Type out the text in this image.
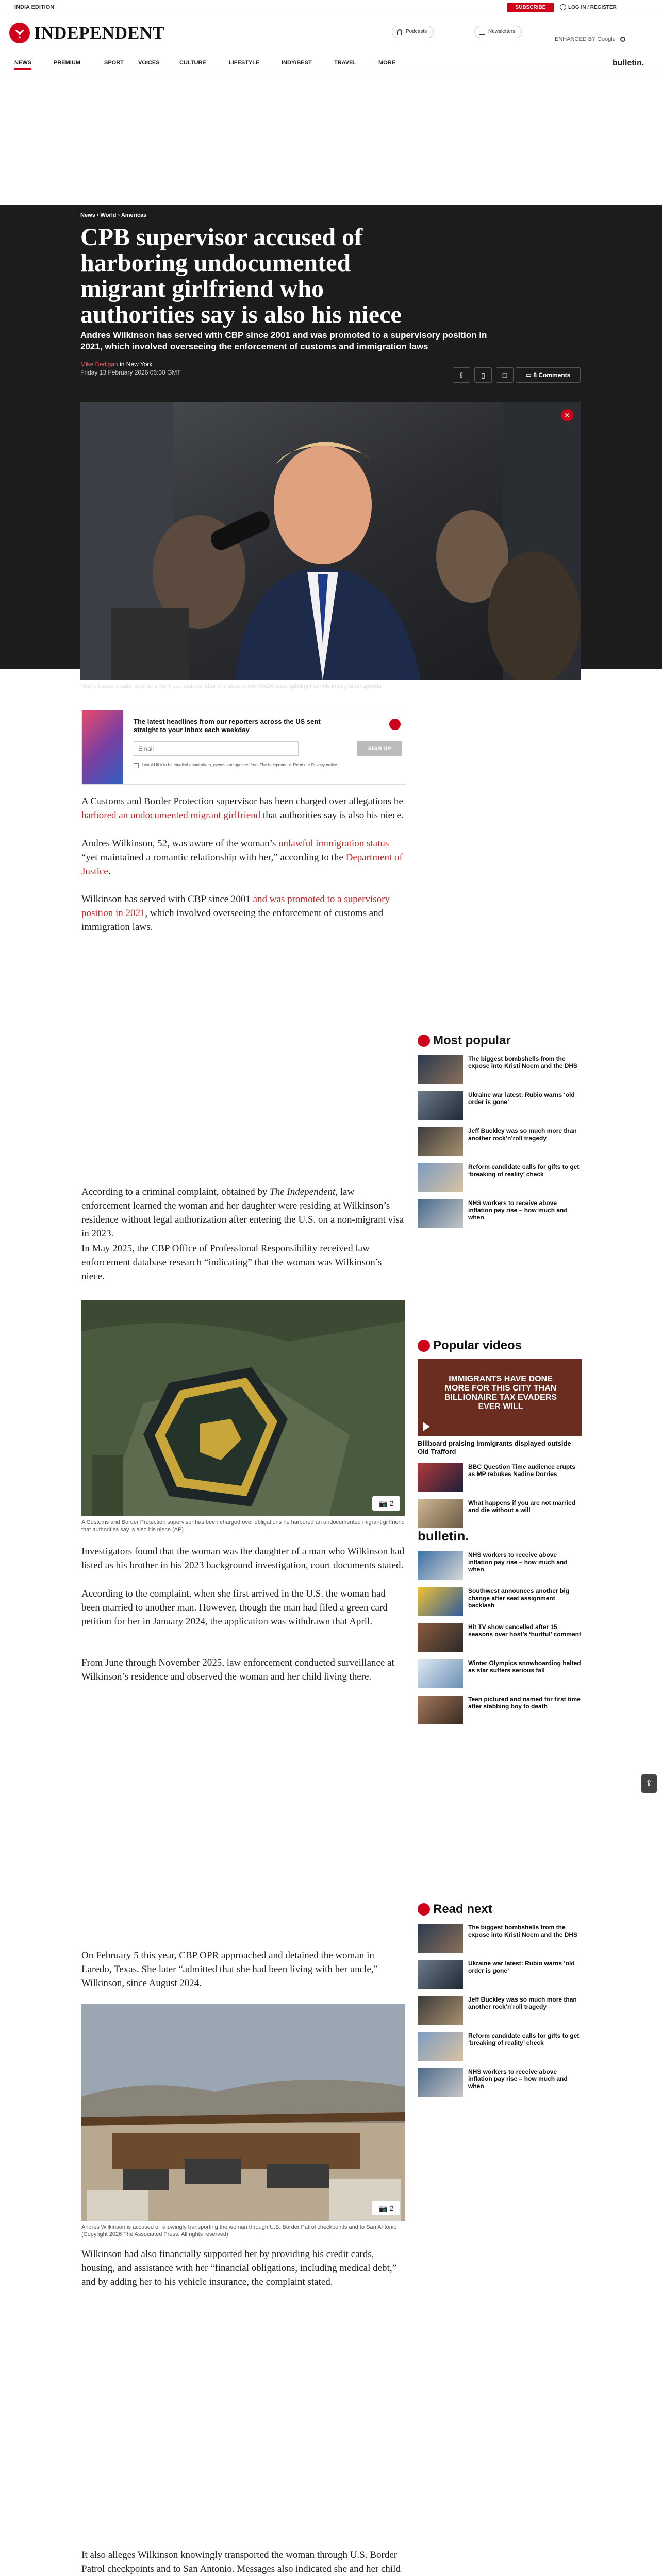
INDIA EDITION	SUBSCRIBE	LOG IN / REGISTER
INDEPENDENT	Podcasts	Newsletters
ENHANCED BY Google
NEWS	PREMIUM	SPORT	VOICES	CULTURE	LIFESTYLE	INDY/BEST	TRAVEL	MORE	bulletin.
News › World › Americas
CPB supervisor accused of harboring undocumented migrant girlfriend who authorities say is also his niece

Andres Wilkinson has served with CBP since 2001 and was promoted to a supervisory position in 2021, which involved overseeing the enforcement of customs and immigration laws

Mike Bedigan in New York
Friday 13 February 2026 06:30 GMT	⇪	▯	□	▭ 8 Comments
✕
Trump blasts female reporter’s ‘very bad attitude’ after she asks about MAGA base splitting from his immigration agenda
The latest headlines from our reporters across the US sent straight to your inbox each weekday
Email
SIGN UP
I would like to be emailed about offers, events and updates from The Independent. Read our Privacy notice

A Customs and Border Protection supervisor has been charged over allegations he harbored an undocumented migrant girlfriend that authorities say is also his niece.

Andres Wilkinson, 52, was aware of the woman’s unlawful immigration status “yet maintained a romantic relationship with her,” according to the Department of Justice.

Wilkinson has served with CBP since 2001 and was promoted to a supervisory position in 2021, which involved overseeing the enforcement of customs and immigration laws.

According to a criminal complaint, obtained by The Independent, law enforcement learned the woman and her daughter were residing at Wilkinson’s residence without legal authorization after entering the U.S. on a non-migrant visa in 2023.

In May 2025, the CBP Office of Professional Responsibility received law enforcement database research “indicating” that the woman was Wilkinson’s niece.

📷 2
A Customs and Border Protection supervisor has been charged over obligations he harbored an undocumented migrant girlfriend that authorities say is also his niece (AP)

Investigators found that the woman was the daughter of a man who Wilkinson had listed as his brother in his 2023 background investigation, court documents stated.

According to the complaint, when she first arrived in the U.S. the woman had been married to another man. However, though the man had filed a green card petition for her in January 2024, the application was withdrawn that April.

From June through November 2025, law enforcement conducted surveillance at Wilkinson’s residence and observed the woman and her child living there.

On February 5 this year, CBP OPR approached and detained the woman in Laredo, Texas. She later “admitted that she had been living with her uncle,” Wilkinson, since August 2024.

📷 2
Andres Wilkinson is accused of knowingly transporting the woman through U.S. Border Patrol checkpoints and to San Antonio (Copyright 2026 The Associated Press. All rights reserved)

Wilkinson had also financially supported her by providing his credit cards, housing, and assistance with her “financial obligations, including medical debt,” and by adding her to his vehicle insurance, the complaint stated.

It also alleges Wilkinson knowingly transported the woman through U.S. Border Patrol checkpoints and to San Antonio. Messages also indicated she and her child

Most popular
The biggest bombshells from the expose into Kristi Noem and the DHS
Ukraine war latest: Rubio warns ‘old order is gone’
Jeff Buckley was so much more than another rock’n’roll tragedy
Reform candidate calls for gifts to get ‘breaking of reality’ check
NHS workers to receive above inflation pay rise – how much and when
Popular videos
IMMIGRANTS HAVE DONE MORE FOR THIS CITY THAN BILLIONAIRE TAX EVADERS EVER WILL
Billboard praising immigrants displayed outside Old Trafford
BBC Question Time audience erupts as MP rebukes Nadine Dorries
What happens if you are not married and die without a will
bulletin.
NHS workers to receive above inflation pay rise – how much and when
Southwest announces another big change after seat assignment backlash
Hit TV show cancelled after 15 seasons over host’s ‘hurtful’ comment
Winter Olympics snowboarding halted as star suffers serious fall
Teen pictured and named for first time after stabbing boy to death
⇪
Read next
The biggest bombshells from the expose into Kristi Noem and the DHS
Ukraine war latest: Rubio warns ‘old order is gone’
Jeff Buckley was so much more than another rock’n’roll tragedy
Reform candidate calls for gifts to get ‘breaking of reality’ check
NHS workers to receive above inflation pay rise – how much and when
